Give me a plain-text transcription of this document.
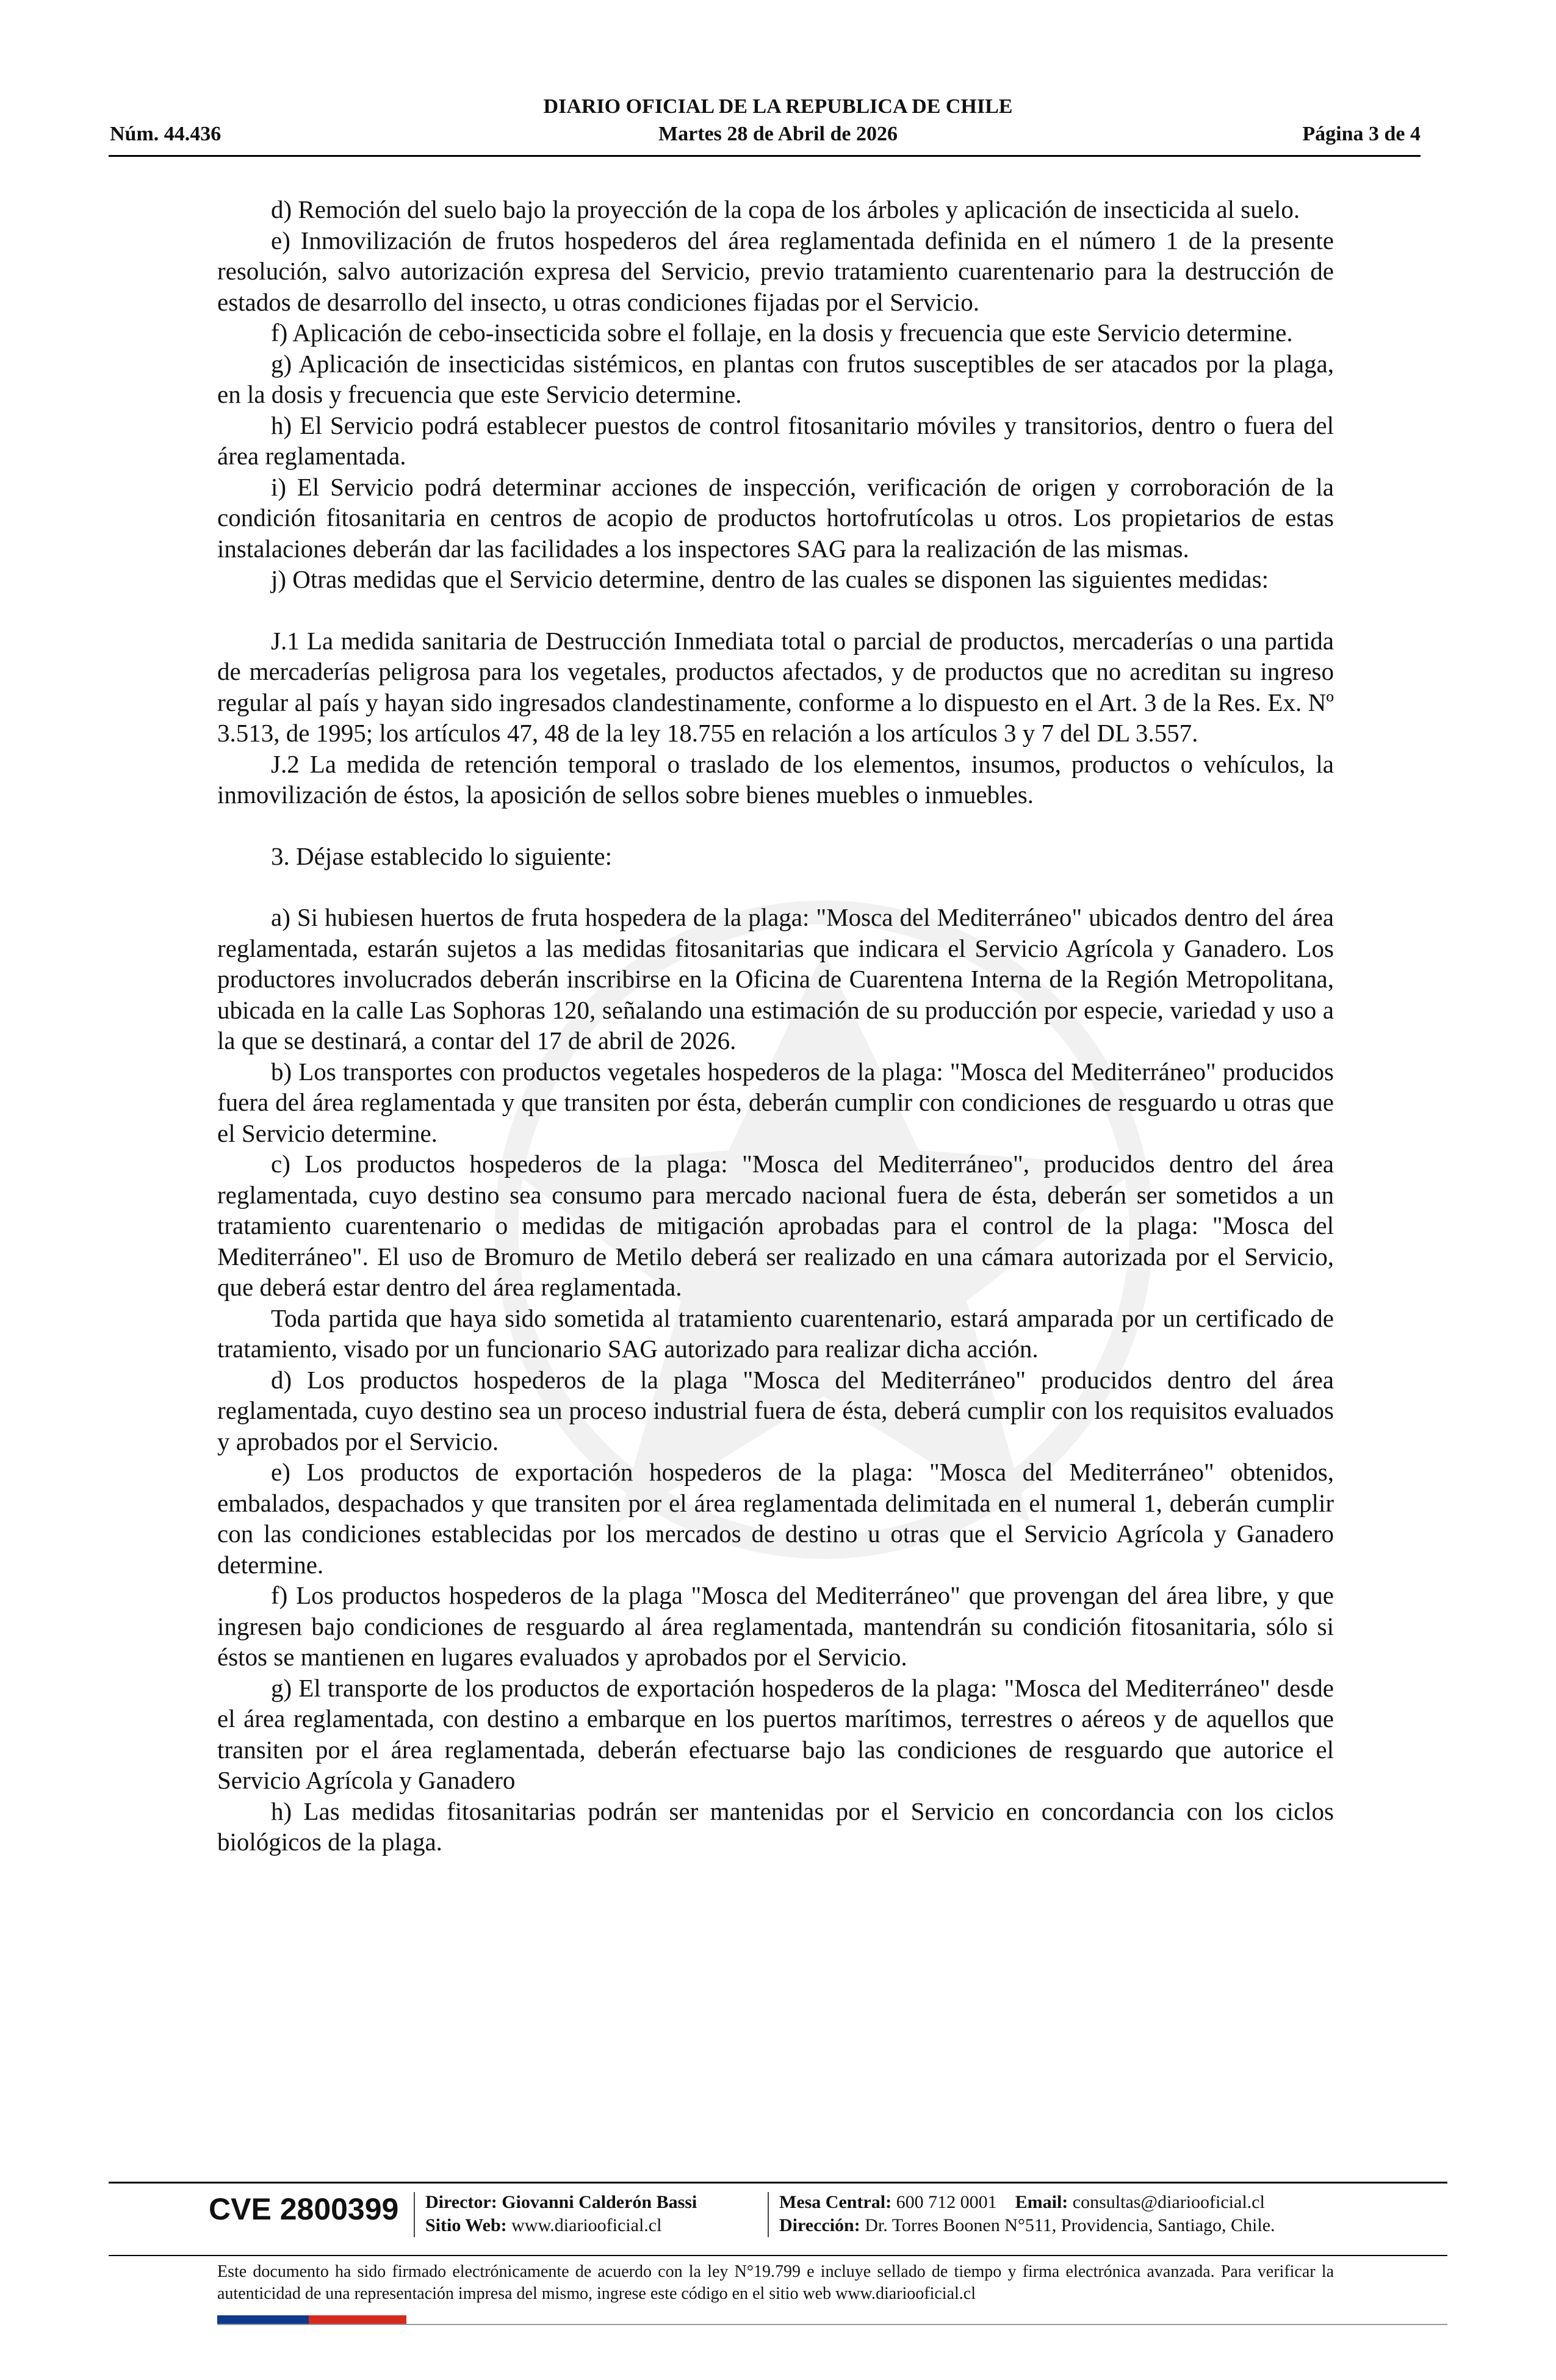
DIARIO OFICIAL DE LA REPUBLICA DE CHILE
Núm. 44.436	Martes 28 de Abril de 2026	Página 3 de 4

d) Remoción del suelo bajo la proyección de la copa de los árboles y aplicación de insecticida al suelo.

e) Inmovilización de frutos hospederos del área reglamentada definida en el número 1 de la presente resolución, salvo autorización expresa del Servicio, previo tratamiento cuarentenario para la destrucción de estados de desarrollo del insecto, u otras condiciones fijadas por el Servicio.

f) Aplicación de cebo-insecticida sobre el follaje, en la dosis y frecuencia que este Servicio determine.

g) Aplicación de insecticidas sistémicos, en plantas con frutos susceptibles de ser atacados por la plaga, en la dosis y frecuencia que este Servicio determine.

h) El Servicio podrá establecer puestos de control fitosanitario móviles y transitorios, dentro o fuera del área reglamentada.

i) El Servicio podrá determinar acciones de inspección, verificación de origen y corroboración de la condición fitosanitaria en centros de acopio de productos hortofrutícolas u otros. Los propietarios de estas instalaciones deberán dar las facilidades a los inspectores SAG para la realización de las mismas.

j) Otras medidas que el Servicio determine, dentro de las cuales se disponen las siguientes medidas:

J.1 La medida sanitaria de Destrucción Inmediata total o parcial de productos, mercaderías o una partida de mercaderías peligrosa para los vegetales, productos afectados, y de productos que no acreditan su ingreso regular al país y hayan sido ingresados clandestinamente, conforme a lo dispuesto en el Art. 3 de la Res. Ex. Nº 3.513, de 1995; los artículos 47, 48 de la ley 18.755 en relación a los artículos 3 y 7 del DL 3.557.

J.2 La medida de retención temporal o traslado de los elementos, insumos, productos o vehículos, la inmovilización de éstos, la aposición de sellos sobre bienes muebles o inmuebles.

3. Déjase establecido lo siguiente:

a) Si hubiesen huertos de fruta hospedera de la plaga: "Mosca del Mediterráneo" ubicados dentro del área reglamentada, estarán sujetos a las medidas fitosanitarias que indicara el Servicio Agrícola y Ganadero. Los productores involucrados deberán inscribirse en la Oficina de Cuarentena Interna de la Región Metropolitana, ubicada en la calle Las Sophoras 120, señalando una estimación de su producción por especie, variedad y uso a la que se destinará, a contar del 17 de abril de 2026.

b) Los transportes con productos vegetales hospederos de la plaga: "Mosca del Mediterráneo" producidos fuera del área reglamentada y que transiten por ésta, deberán cumplir con condiciones de resguardo u otras que el Servicio determine.

c) Los productos hospederos de la plaga: "Mosca del Mediterráneo", producidos dentro del área reglamentada, cuyo destino sea consumo para mercado nacional fuera de ésta, deberán ser sometidos a un tratamiento cuarentenario o medidas de mitigación aprobadas para el control de la plaga: "Mosca del Mediterráneo". El uso de Bromuro de Metilo deberá ser realizado en una cámara autorizada por el Servicio, que deberá estar dentro del área reglamentada.

Toda partida que haya sido sometida al tratamiento cuarentenario, estará amparada por un certificado de tratamiento, visado por un funcionario SAG autorizado para realizar dicha acción.

d) Los productos hospederos de la plaga "Mosca del Mediterráneo" producidos dentro del área reglamentada, cuyo destino sea un proceso industrial fuera de ésta, deberá cumplir con los requisitos evaluados y aprobados por el Servicio.

e) Los productos de exportación hospederos de la plaga: "Mosca del Mediterráneo" obtenidos, embalados, despachados y que transiten por el área reglamentada delimitada en el numeral 1, deberán cumplir con las condiciones establecidas por los mercados de destino u otras que el Servicio Agrícola y Ganadero determine.

f) Los productos hospederos de la plaga "Mosca del Mediterráneo" que provengan del área libre, y que ingresen bajo condiciones de resguardo al área reglamentada, mantendrán su condición fitosanitaria, sólo si éstos se mantienen en lugares evaluados y aprobados por el Servicio.

g) El transporte de los productos de exportación hospederos de la plaga: "Mosca del Mediterráneo" desde el área reglamentada, con destino a embarque en los puertos marítimos, terrestres o aéreos y de aquellos que transiten por el área reglamentada, deberán efectuarse bajo las condiciones de resguardo que autorice el Servicio Agrícola y Ganadero

h) Las medidas fitosanitarias podrán ser mantenidas por el Servicio en concordancia con los ciclos biológicos de la plaga.

CVE 2800399 Director: Giovanni Calderón Bassi
Sitio Web: www.diariooficial.cl
Mesa Central: 600 712 0001 Email: consultas@diariooficial.cl
Dirección: Dr. Torres Boonen N°511, Providencia, Santiago, Chile.
Este documento ha sido firmado electrónicamente de acuerdo con la ley N°19.799 e incluye sellado de tiempo y firma electrónica avanzada. Para verificar la autenticidad de una representación impresa del mismo, ingrese este código en el sitio web www.diariooficial.cl
